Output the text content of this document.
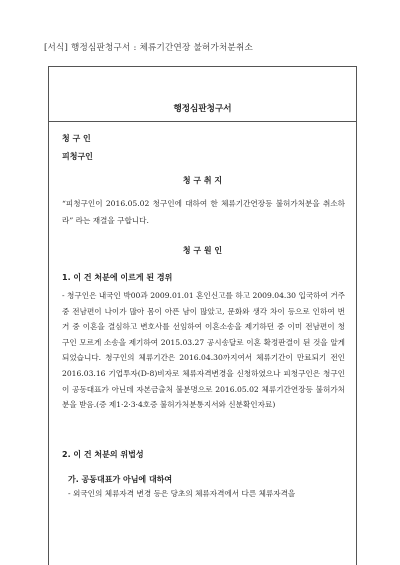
[서식] 행정심판청구서 : 체류기간연장 불허가처분취소
행정심판청구서
청 구 인
피청구인
청 구 취 지
“피청구인이 2016.05.02 청구인에 대하여 한 체류기간연장등 불허가처분을 취소하라” 라는 재결을 구합니다.
청 구 원 인
1. 이 건 처분에 이르게 된 경위
- 청구인은 내국인 박00과 2009.01.01 혼인신고를 하고 2009.04.30 입국하여 거주중 전남편이 나이가 많아 몸이 아픈 남이 많았고, 문화와 생각 차이 등으로 인하여 번거 중 이혼을 결심하고 변호사를 선임하여 이혼소송을 제기하던 중 이미 전남편이 청구인 모르게 소송을 제기하여 2015.03.27 공시송달로 이혼 확정판결이 된 것을 알게되었습니다. 청구인의 체류기간은 2016.04.30까지여서 체류기간이 만료되기 전인 2016.03.16 기업투자(D-8)비자로 체류자격변경을 신청하였으나 피청구인은 청구인이 공동대표가 아닌데 자본금출처 불분명으로 2016.05.02 체류기간연장등 불허가처분을 받음.(증 제1·2·3·4호증 불허가처분통지서와 신분확인자료)
2. 이 건 처분의 위법성
가. 공동대표가 아님에 대하여
- 외국인의 체류자격 변경 등은 당초의 체류자격에서 다른 체류자격을
